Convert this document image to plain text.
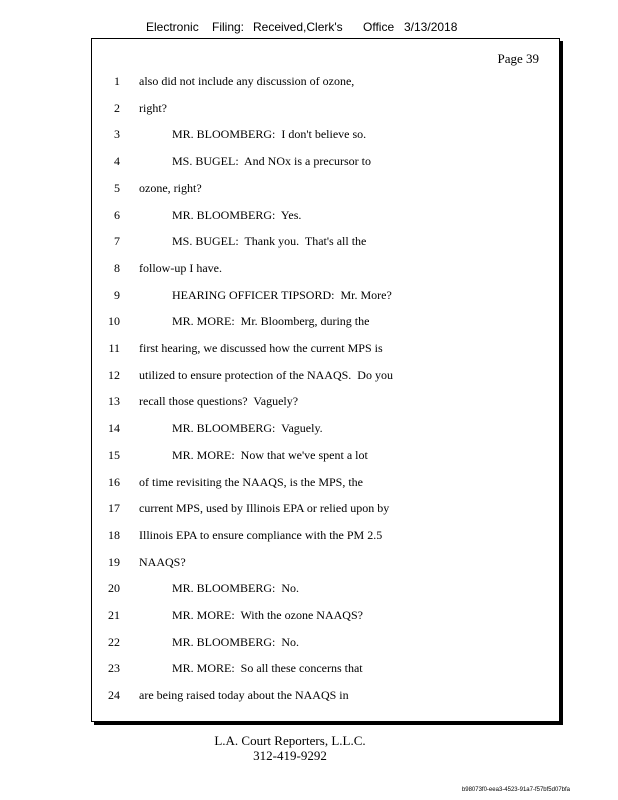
Electronic Filing: Received,Clerk's Office 3/13/2018
Page 39
1 also did not include any discussion of ozone,
2 right?
3	MR. BLOOMBERG:  I don't believe so.
4	MS. BUGEL:  And NOx is a precursor to
5 ozone, right?
6	MR. BLOOMBERG:  Yes.
7	MS. BUGEL:  Thank you.  That's all the
8 follow-up I have.
9	HEARING OFFICER TIPSORD:  Mr. More?
10	MR. MORE:  Mr. Bloomberg, during the
11 first hearing, we discussed how the current MPS is
12 utilized to ensure protection of the NAAQS.  Do you
13 recall those questions?  Vaguely?
14	MR. BLOOMBERG:  Vaguely.
15	MR. MORE:  Now that we've spent a lot
16 of time revisiting the NAAQS, is the MPS, the
17 current MPS, used by Illinois EPA or relied upon by
18 Illinois EPA to ensure compliance with the PM 2.5
19 NAAQS?
20	MR. BLOOMBERG:  No.
21	MR. MORE:  With the ozone NAAQS?
22	MR. BLOOMBERG:  No.
23	MR. MORE:  So all these concerns that
24 are being raised today about the NAAQS in
L.A. Court Reporters, L.L.C.
312-419-9292
b98073f0-eea3-4523-91a7-f57bf5d07bfa
